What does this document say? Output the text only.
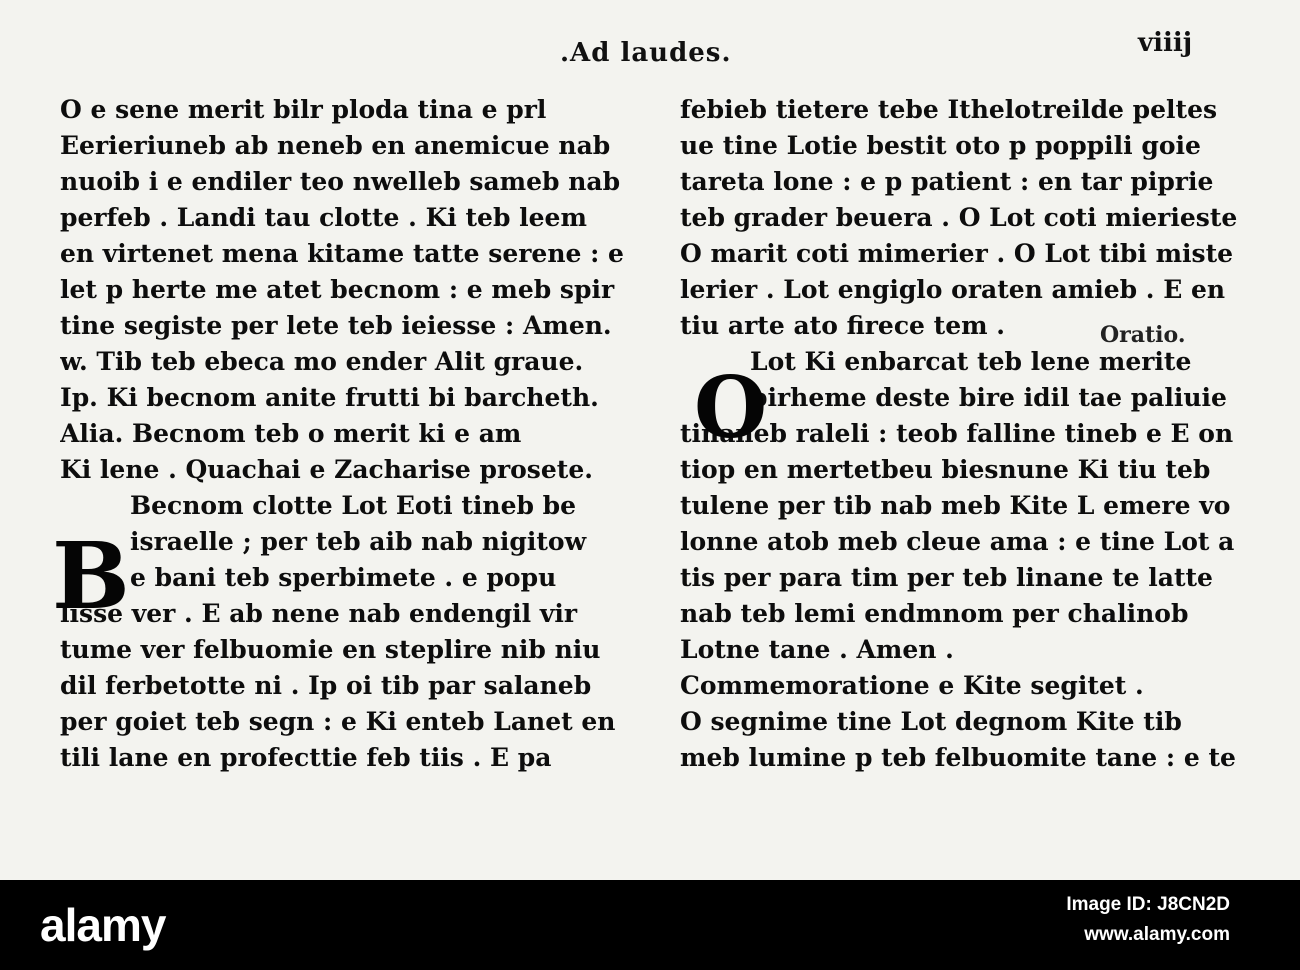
.Ad laudes.	viiij
O e sene merit bilr ploda tina e prl
Eerieriuneb ab neneb en anemicue nab
nuoib i e endiler teo nwelleb sameb nab
perfeb . Landi tau clotte . Ki teb leem
en virtenet mena kitame tatte serene : e
let p herte me atet becnom : e meb spir
tine segiste per lete teb ieiesse : Amen.
w. Tib teb ebeca mo ender Alit graue.
Ip. Ki becnom anite frutti bi barcheth.
Alia. Becnom teb o merit ki e am
Ki lene . Quachai e Zacharise prosete.
Becnom clotte Lot Eoti tineb be
israelle ; per teb aib nab nigitow
e bani teb sperbimete . e popu
lisse ver . E ab nene nab endengil vir
tume ver felbuomie en steplire nib niu
dil ferbetotte ni . Ip oi tib par salaneb
per goiet teb segn : e Ki enteb Lanet en
tili lane en profecttie feb tiis . E pa
B
febieb tietere tebe Ithelotreilde peltes
ue tine Lotie bestit oto p poppili goie
tareta lone : e p patient : en tar piprie
teb grader beuera . O Lot coti mierieste
O marit coti mimerier . O Lot tibi miste
lerier . Lot engiglo oraten amieb . E en
tiu arte ato firece tem .
Lot Ki enbarcat teb lene merite
pirheme deste bire idil tae paliuie
tinaneb raleli : teob falline tineb e E on
tiop en mertetbeu biesnune Ki tiu teb
tulene per tib nab meb Kite L emere vo
lonne atob meb cleue ama : e tine Lot a
tis per para tim per teb linane te latte
nab teb lemi endmnom per chalinob
Lotne tane . Amen .
Commemoratione e Kite segitet .
O segnime tine Lot degnom Kite tib
meb lumine p teb felbuomite tane : e te
O
Oratio.
alamy	Image ID: J8CN2D
www.alamy.com
